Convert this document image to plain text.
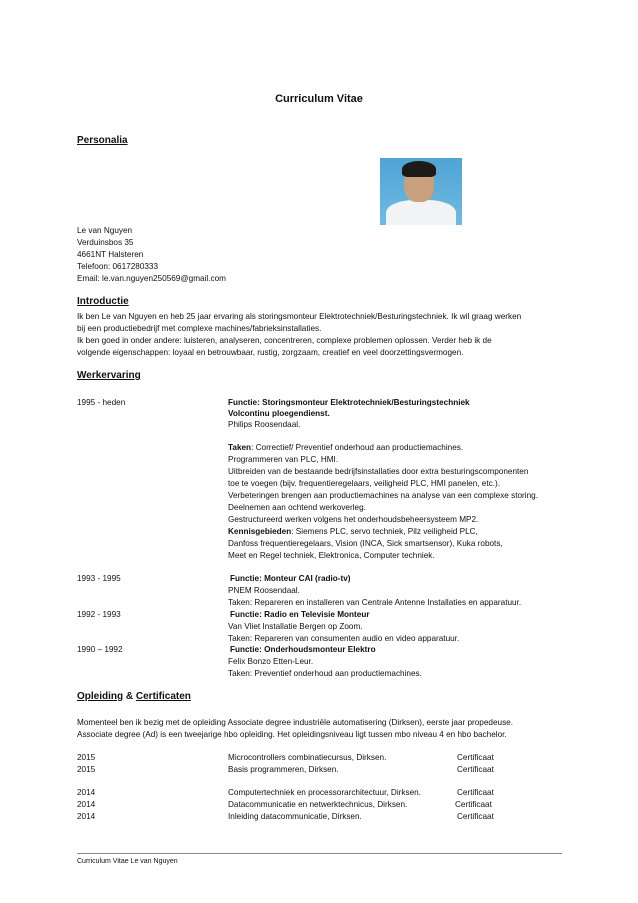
Curriculum Vitae
Personalia
Le van Nguyen
Verduinsbos 35
4661NT Halsteren
Telefoon: 0617280333
Email: le.van.nguyen250569@gmail.com
Introductie
Ik ben Le van Nguyen en heb 25 jaar ervaring als storingsmonteur Elektrotechniek/Besturingstechniek. Ik wil graag werken
bij een productiebedrijf met complexe machines/fabrieksinstallaties.
Ik ben goed in onder andere: luisteren, analyseren, concentreren, complexe problemen oplossen. Verder heb ik de
volgende eigenschappen: loyaal en betrouwbaar, rustig, zorgzaam, creatief en veel doorzettingsvermogen.
Werkervaring
1995 - heden	Functie: Storingsmonteur Elektrotechniek/Besturingstechniek
Volcontinu ploegendienst.
Philips Roosendaal.
Taken: Correctief/ Preventief onderhoud aan productiemachines.
Programmeren van PLC, HMI.
Uitbreiden van de bestaande bedrijfsinstallaties door extra besturingscomponenten
toe te voegen (bijv. frequentieregelaars, veiligheid PLC, HMI panelen, etc.).
Verbeteringen brengen aan productiemachines na analyse van een complexe storing.
Deelnemen aan ochtend werkoverleg.
Gestructureerd werken volgens het onderhoudsbeheersysteem MP2.
Kennisgebieden: Siemens PLC, servo techniek, Pilz veiligheid PLC,
Danfoss frequentieregelaars, Vision (INCA, Sick smartsensor), Kuka robots,
Meet en Regel techniek, Elektronica, Computer techniek.
1993 - 1995	Functie: Monteur CAI (radio-tv)
PNEM Roosendaal.
Taken: Repareren en installeren van Centrale Antenne Installaties en apparatuur.
1992 - 1993	Functie: Radio en Televisie Monteur
Van Vliet Installatie Bergen op Zoom.
Taken: Repareren van consumenten audio en video apparatuur.
1990 – 1992	Functie: Onderhoudsmonteur Elektro
Felix Bonzo Etten-Leur.
Taken: Preventief onderhoud aan productiemachines.
Opleiding & Certificaten
Momenteel ben ik bezig met de opleiding Associate degree industriële automatisering (Dirksen), eerste jaar propedeuse.
Associate degree (Ad) is een tweejarige hbo opleiding. Het opleidingsniveau ligt tussen mbo niveau 4 en hbo bachelor.
2015	Microcontrollers combinatiecursus, Dirksen.	Certificaat
2015	Basis programmeren, Dirksen.	Certificaat
2014	Computertechniek en processorarchitectuur, Dirksen.	Certificaat
2014	Datacommunicatie en netwerktechnicus, Dirksen.	Certificaat
2014	Inleiding datacommunicatie, Dirksen.	Certificaat
Curriculum Vitae Le van Nguyen
